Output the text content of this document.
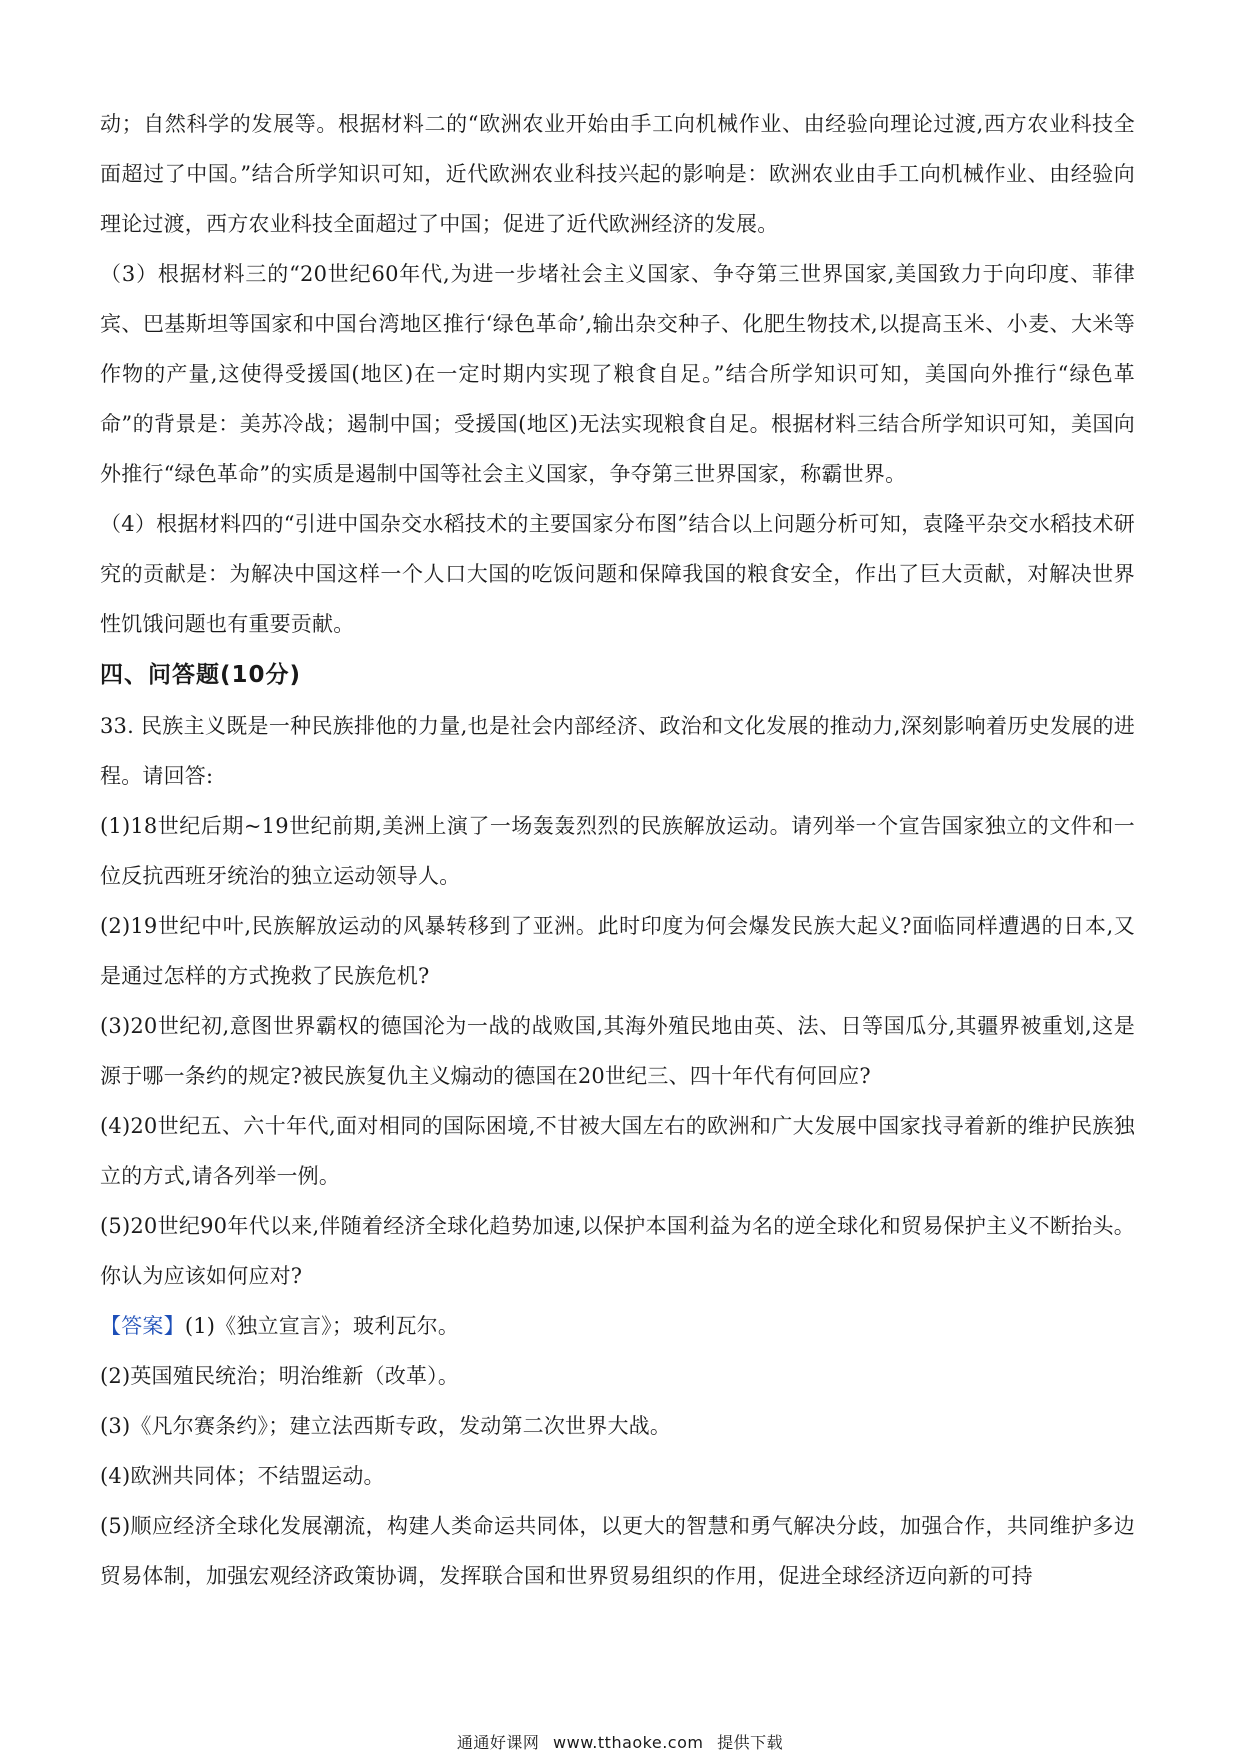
动；自然科学的发展等。根据材料二的“欧洲农业开始由手工向机械作业、由经验向理论过渡,西方农业科技全面超过了中国。”结合所学知识可知，近代欧洲农业科技兴起的影响是：欧洲农业由手工向机械作业、由经验向理论过渡，西方农业科技全面超过了中国；促进了近代欧洲经济的发展。

（3）根据材料三的“20世纪60年代,为进一步堵社会主义国家、争夺第三世界国家,美国致力于向印度、菲律宾、巴基斯坦等国家和中国台湾地区推行‘绿色革命’,输出杂交种子、化肥生物技术,以提高玉米、小麦、大米等作物的产量,这使得受援国(地区)在一定时期内实现了粮食自足。”结合所学知识可知，美国向外推行“绿色革命”的背景是：美苏冷战；遏制中国；受援国(地区)无法实现粮食自足。根据材料三结合所学知识可知，美国向外推行“绿色革命”的实质是遏制中国等社会主义国家，争夺第三世界国家，称霸世界。

（4）根据材料四的“引进中国杂交水稻技术的主要国家分布图”结合以上问题分析可知，袁隆平杂交水稻技术研究的贡献是：为解决中国这样一个人口大国的吃饭问题和保障我国的粮食安全，作出了巨大贡献，对解决世界性饥饿问题也有重要贡献。

四、问答题(10分)

33. 民族主义既是一种民族排他的力量,也是社会内部经济、政治和文化发展的推动力,深刻影响着历史发展的进程。请回答:

(1)18世纪后期~19世纪前期,美洲上演了一场轰轰烈烈的民族解放运动。请列举一个宣告国家独立的文件和一位反抗西班牙统治的独立运动领导人。

(2)19世纪中叶,民族解放运动的风暴转移到了亚洲。此时印度为何会爆发民族大起义?面临同样遭遇的日本,又是通过怎样的方式挽救了民族危机?

(3)20世纪初,意图世界霸权的德国沦为一战的战败国,其海外殖民地由英、法、日等国瓜分,其疆界被重划,这是源于哪一条约的规定?被民族复仇主义煽动的德国在20世纪三、四十年代有何回应?

(4)20世纪五、六十年代,面对相同的国际困境,不甘被大国左右的欧洲和广大发展中国家找寻着新的维护民族独立的方式,请各列举一例。

(5)20世纪90年代以来,伴随着经济全球化趋势加速,以保护本国利益为名的逆全球化和贸易保护主义不断抬头。你认为应该如何应对?

【答案】(1)《独立宣言》；玻利瓦尔。

(2)英国殖民统治；明治维新（改革）。

(3)《凡尔赛条约》；建立法西斯专政，发动第二次世界大战。

(4)欧洲共同体；不结盟运动。

(5)顺应经济全球化发展潮流，构建人类命运共同体，以更大的智慧和勇气解决分歧，加强合作，共同维护多边贸易体制，加强宏观经济政策协调，发挥联合国和世界贸易组织的作用，促进全球经济迈向新的可持

通通好课网 www.tthaoke.com 提供下载
